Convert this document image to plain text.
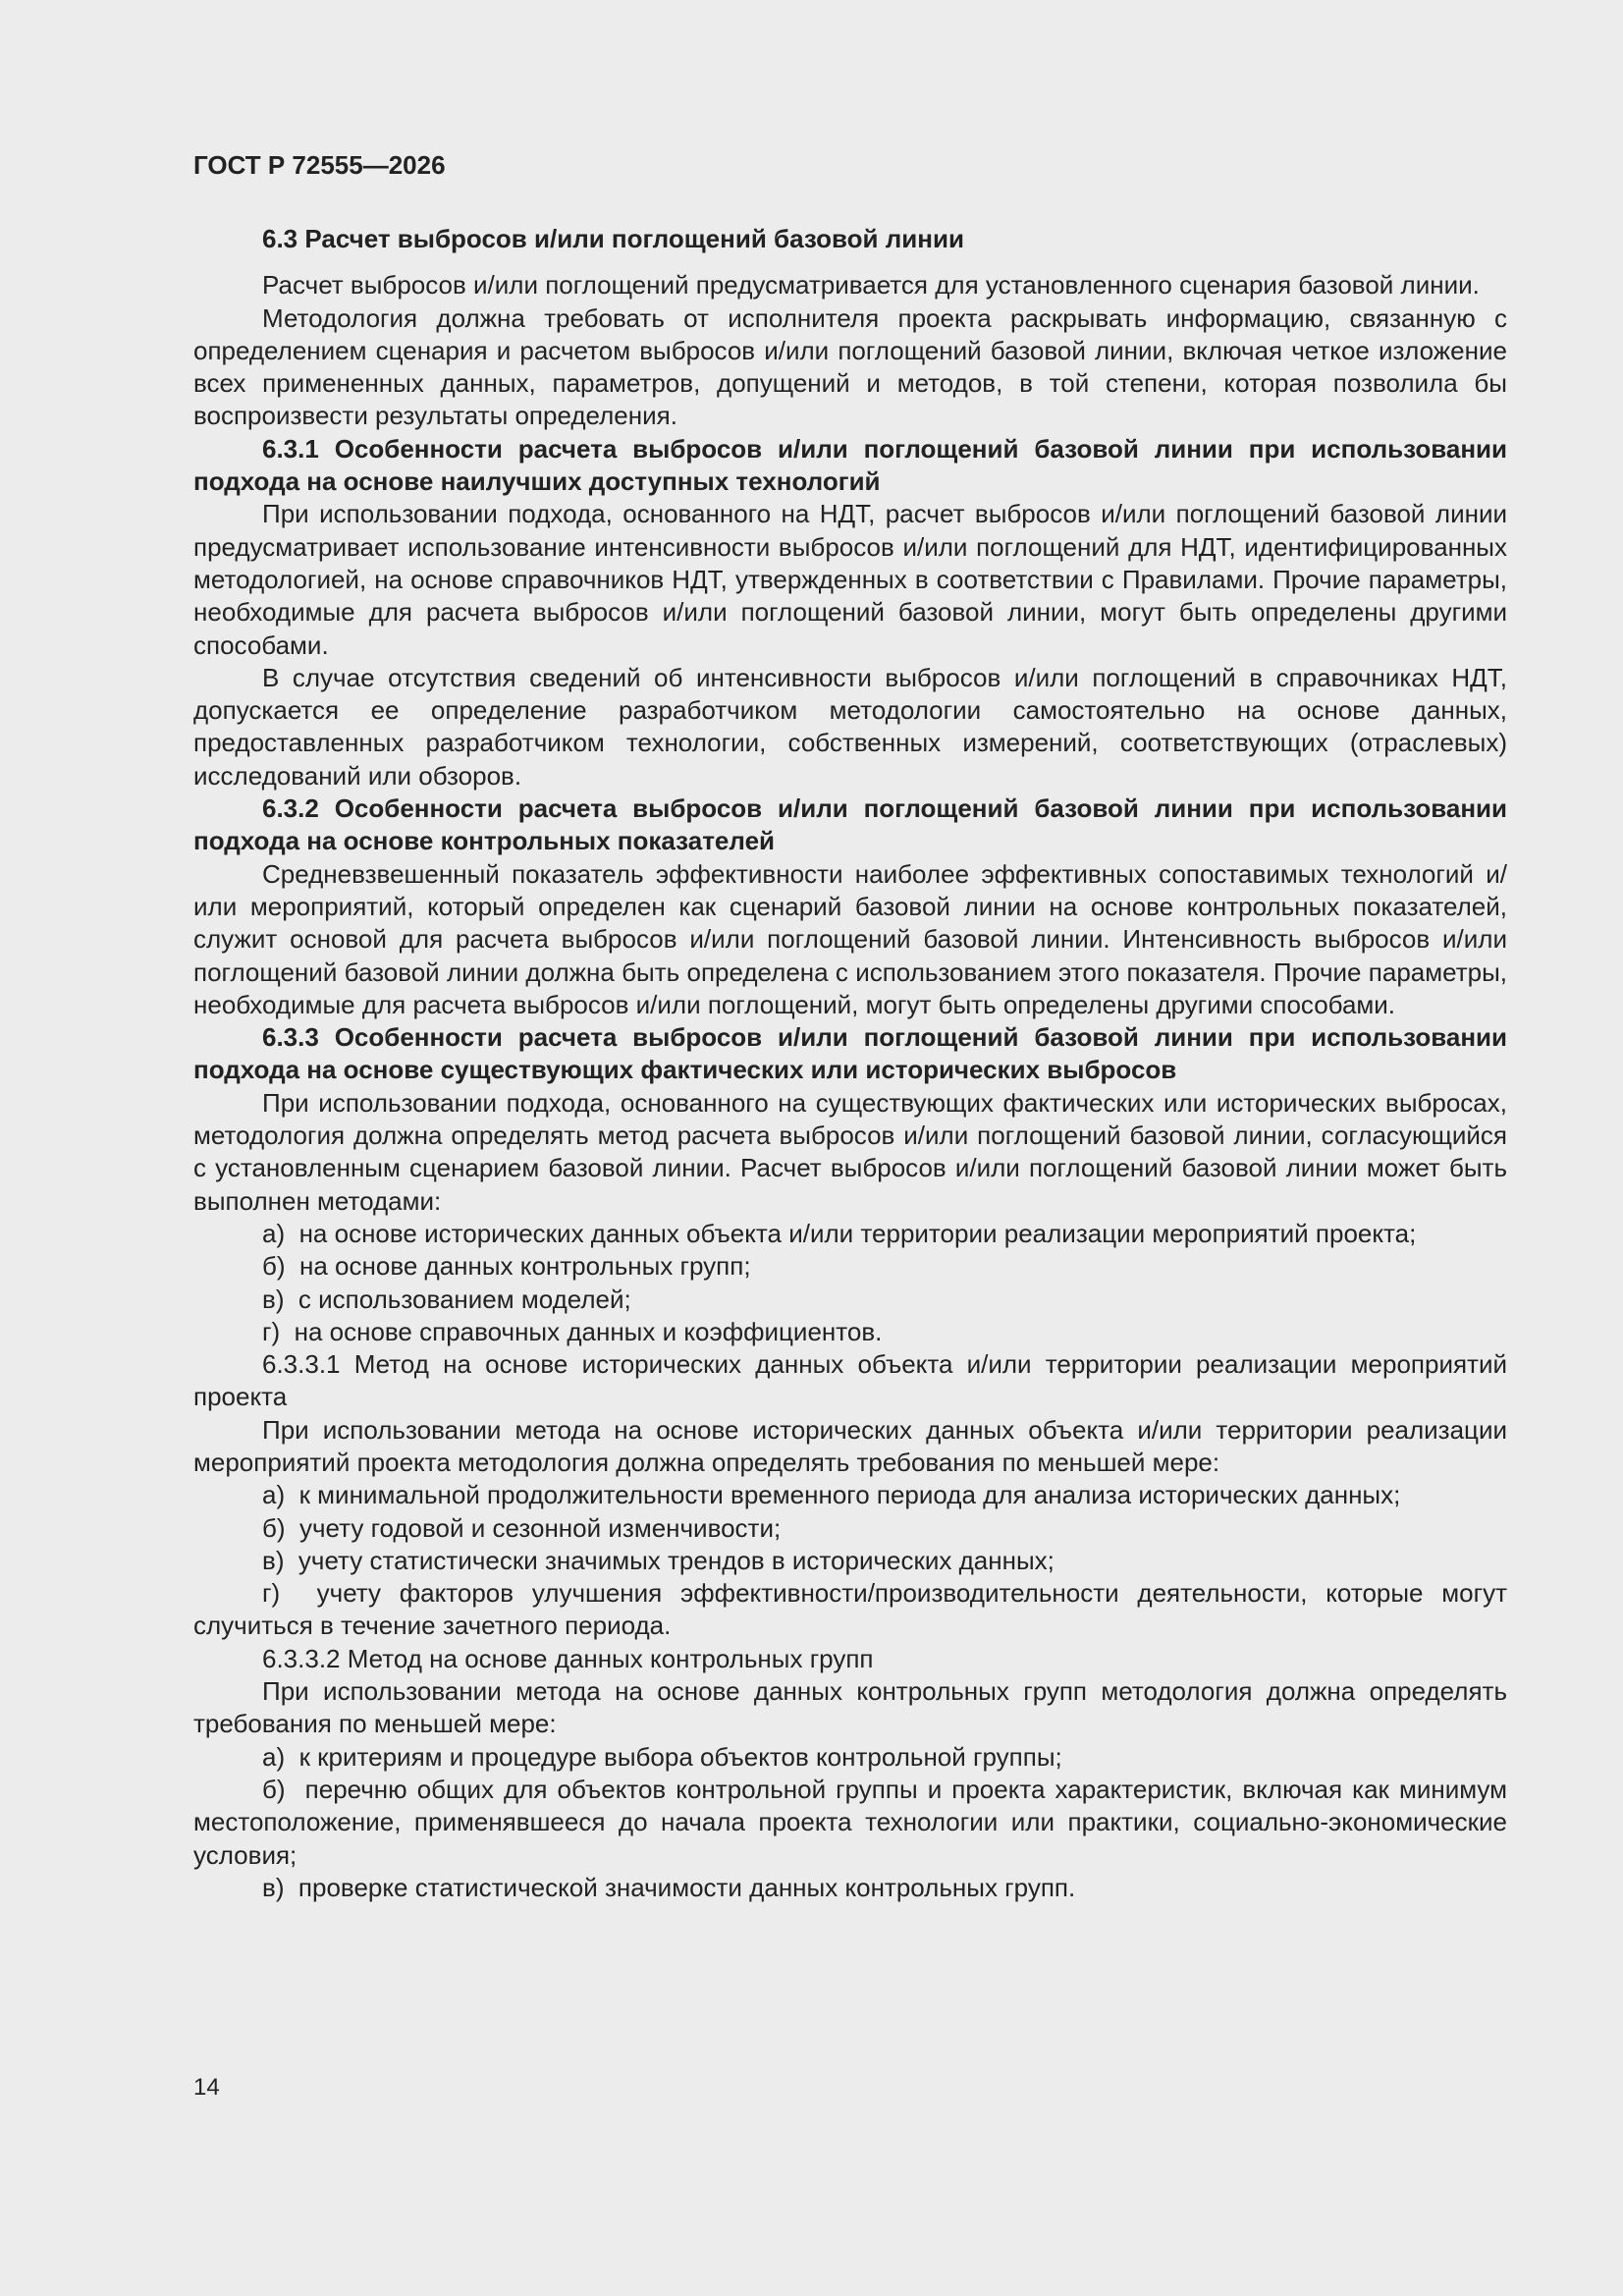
ГОСТ Р 72555—2026

6.3 Расчет выбросов и/или поглощений базовой линии

Расчет выбросов и/или поглощений предусматривается для установленного сценария базовой линии.

Методология должна требовать от исполнителя проекта раскрывать информацию, связанную с определением сценария и расчетом выбросов и/или поглощений базовой линии, включая четкое изложение всех примененных данных, параметров, допущений и методов, в той степени, которая позволила бы воспроизвести результаты определения.

6.3.1 Особенности расчета выбросов и/или поглощений базовой линии при использовании подхода на основе наилучших доступных технологий

При использовании подхода, основанного на НДТ, расчет выбросов и/или поглощений базовой линии предусматривает использование интенсивности выбросов и/или поглощений для НДТ, идентифицированных методологией, на основе справочников НДТ, утвержденных в соответствии с Правилами. Прочие параметры, необходимые для расчета выбросов и/или поглощений базовой линии, могут быть определены другими способами.

В случае отсутствия сведений об интенсивности выбросов и/или поглощений в справочниках НДТ, допускается ее определение разработчиком методологии самостоятельно на основе данных, предоставленных разработчиком технологии, собственных измерений, соответствующих (отраслевых) исследований или обзоров.

6.3.2 Особенности расчета выбросов и/или поглощений базовой линии при использовании подхода на основе контрольных показателей

Средневзвешенный показатель эффективности наиболее эффективных сопоставимых технологий и/или мероприятий, который определен как сценарий базовой линии на основе контрольных показателей, служит основой для расчета выбросов и/или поглощений базовой линии. Интенсивность выбросов и/или поглощений базовой линии должна быть определена с использованием этого показателя. Прочие параметры, необходимые для расчета выбросов и/или поглощений, могут быть определены другими способами.

6.3.3 Особенности расчета выбросов и/или поглощений базовой линии при использовании подхода на основе существующих фактических или исторических выбросов

При использовании подхода, основанного на существующих фактических или исторических выбросах, методология должна определять метод расчета выбросов и/или поглощений базовой линии, согласующийся с установленным сценарием базовой линии. Расчет выбросов и/или поглощений базовой линии может быть выполнен методами:

а)  на основе исторических данных объекта и/или территории реализации мероприятий проекта;

б)  на основе данных контрольных групп;

в)  с использованием моделей;

г)  на основе справочных данных и коэффициентов.

6.3.3.1 Метод на основе исторических данных объекта и/или территории реализации мероприятий проекта

При использовании метода на основе исторических данных объекта и/или территории реализации мероприятий проекта методология должна определять требования по меньшей мере:

а)  к минимальной продолжительности временного периода для анализа исторических данных;

б)  учету годовой и сезонной изменчивости;

в)  учету статистически значимых трендов в исторических данных;

г)  учету факторов улучшения эффективности/производительности деятельности, которые могут случиться в течение зачетного периода.

6.3.3.2 Метод на основе данных контрольных групп

При использовании метода на основе данных контрольных групп методология должна определять требования по меньшей мере:

а)  к критериям и процедуре выбора объектов контрольной группы;

б)  перечню общих для объектов контрольной группы и проекта характеристик, включая как минимум местоположение, применявшееся до начала проекта технологии или практики, социально-экономические условия;

в)  проверке статистической значимости данных контрольных групп.

14
